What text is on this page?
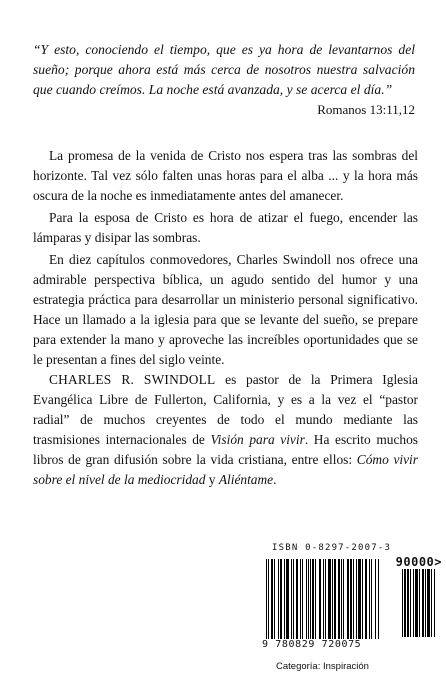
“Y esto, conociendo el tiempo, que es ya hora de levantarnos del sueño; porque ahora está más cerca de nosotros nuestra salvación que cuando creímos. La noche está avanzada, y se acerca el día.”
Romanos 13:11,12

La promesa de la venida de Cristo nos espera tras las sombras del horizonte. Tal vez sólo falten unas horas para el alba ... y la hora más oscura de la noche es inmediatamente antes del amanecer.

Para la esposa de Cristo es hora de atizar el fuego, encender las lámparas y disipar las sombras.

En diez capítulos conmovedores, Charles Swindoll nos ofrece una admirable perspectiva bíblica, un agudo sentido del humor y una estrategia práctica para desarrollar un ministerio personal significativo. Hace un llamado a la iglesia para que se levante del sueño, se prepare para extender la mano y aproveche las increíbles oportunidades que se le presentan a fines del siglo veinte.

CHARLES R. SWINDOLL es pastor de la Primera Iglesia Evangélica Libre de Fullerton, California, y es a la vez el “pastor radial” de muchos creyentes de todo el mundo mediante las trasmisiones internacionales de Visión para vivir. Ha escrito muchos libros de gran difusión sobre la vida cristiana, entre ellos: Cómo vivir sobre el nivel de la mediocridad y Aliéntame.

ISBN 0-8297-2007-3
90000>
9 780829 720075
Categoría: Inspiración
